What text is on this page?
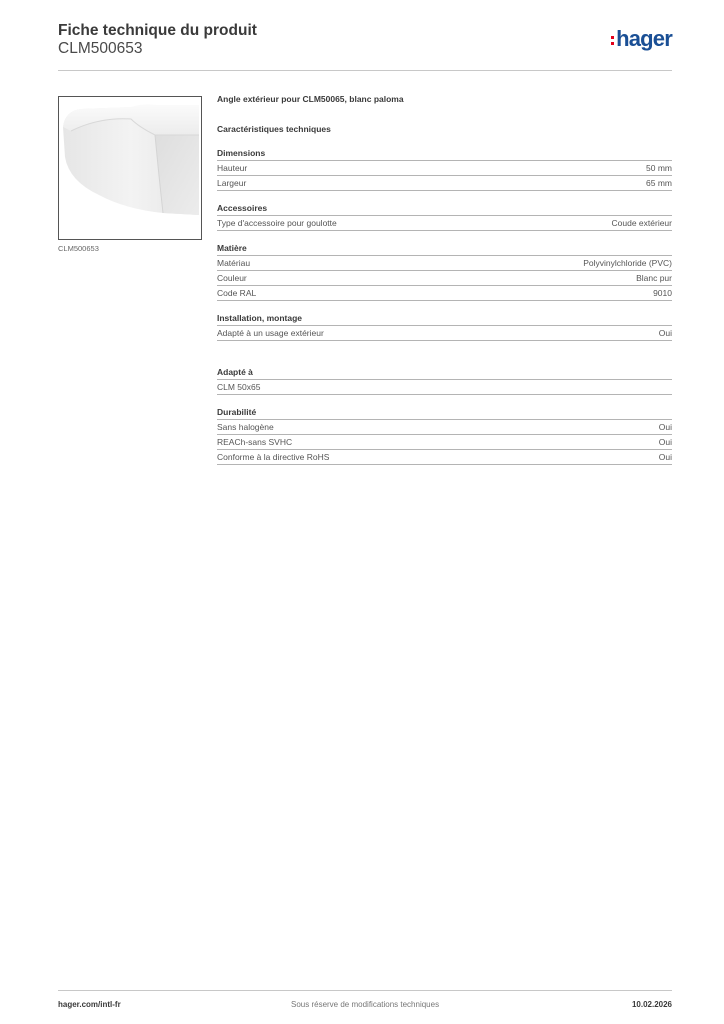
Fiche technique du produit
CLM500653	hager
CLM500653
Angle extérieur pour CLM50065, blanc paloma
Caractéristiques techniques
Dimensions
Hauteur	50 mm
Largeur	65 mm
Accessoires
Type d'accessoire pour goulotte	Coude extérieur
Matière
Matériau	Polyvinylchloride (PVC)
Couleur	Blanc pur
Code RAL	9010
Installation, montage
Adapté à un usage extérieur	Oui
Adapté à
CLM 50x65
Durabilité
Sans halogène	Oui
REACh-sans SVHC	Oui
Conforme à la directive RoHS	Oui
hager.com/intl-fr	Sous réserve de modifications techniques	10.02.2026
